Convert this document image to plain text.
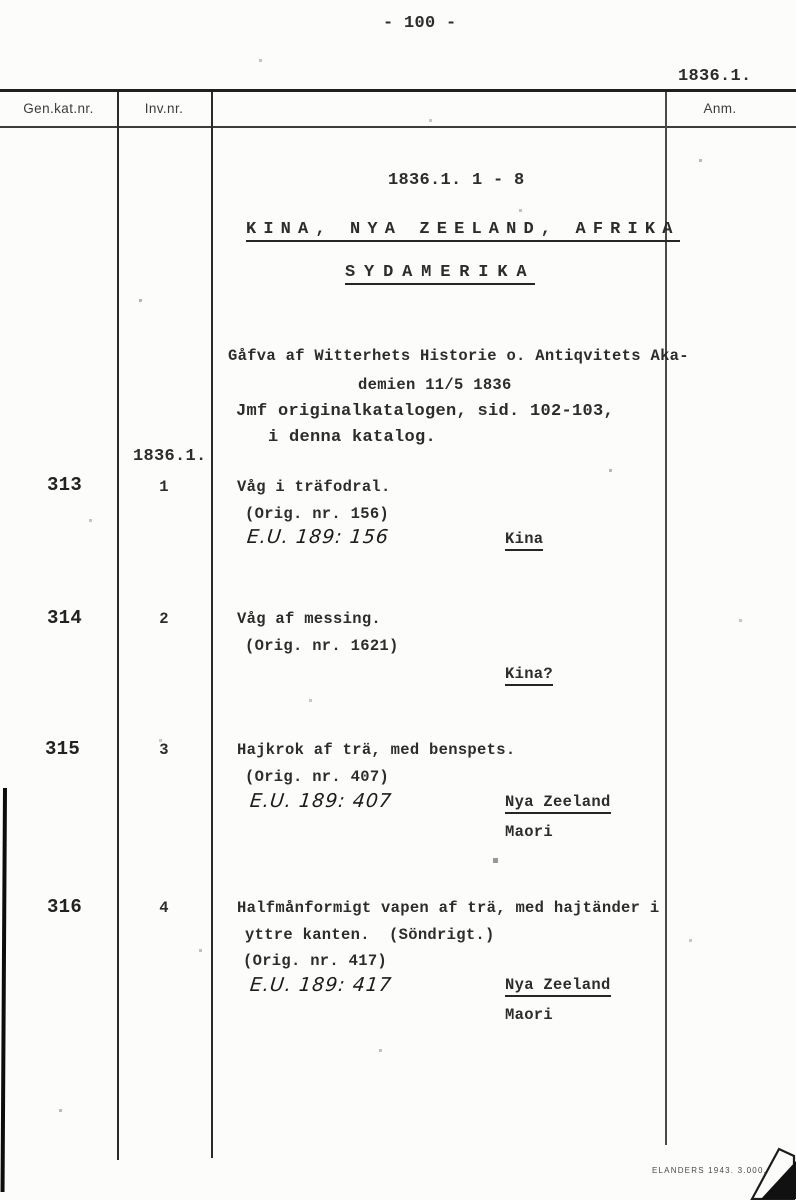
- 100 -
1836.1.
Gen.kat.nr.	Inv.nr.	Anm.
1836.1. 1 - 8
KINA, NYA ZEELAND, AFRIKA
SYDAMERIKA
Gåfva af Witterhets Historie o. Antiqvitets Aka-
demien 11/5 1836
Jmf originalkatalogen, sid. 102-103,
i denna katalog.
1836.1.
313	1	Våg i träfodral.
(Orig. nr. 156)
E.U. 189: 156	Kina
314	2	Våg af messing.
(Orig. nr. 1621)
Kina?
315	3	Hajkrok af trä, med benspets.
(Orig. nr. 407)
E.U. 189: 407	Nya Zeeland
Maori
316	4	Halfmånformigt vapen af trä, med hajtänder i
yttre kanten.  (Söndrigt.)
(Orig. nr. 417)
E.U. 189: 417	Nya Zeeland
Maori
ELANDERS 1943. 3.000.
